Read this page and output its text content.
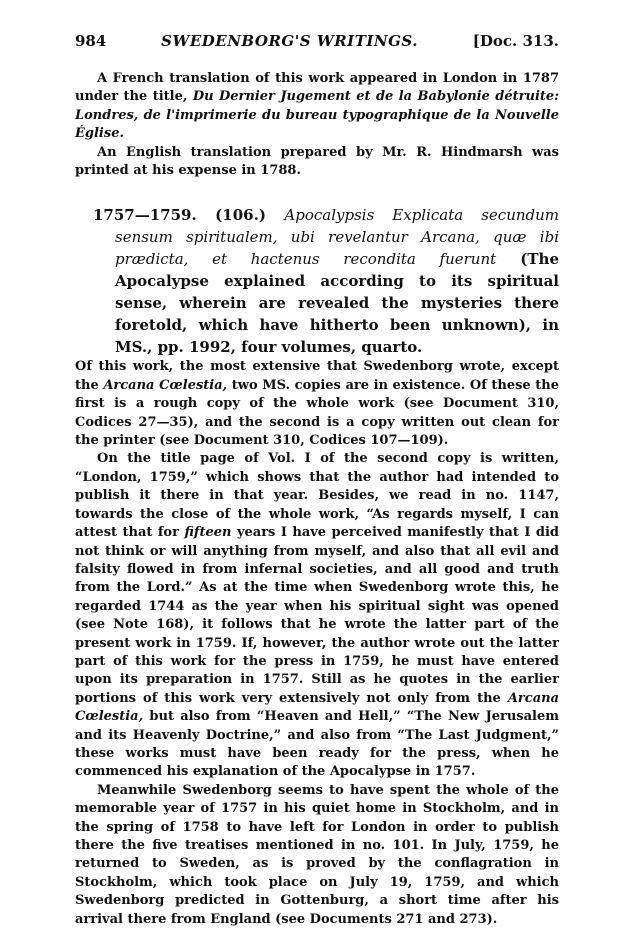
984	SWEDENBORG'S WRITINGS.	[Doc. 313.

A French translation of this work appeared in London in 1787 under the title, Du Dernier Jugement et de la Babylonie détruite: Londres, de l'imprimerie du bureau typographique de la Nouvelle Église.

An English translation prepared by Mr. R. Hindmarsh was printed at his expense in 1788.

1757—1759. (106.) Apocalypsis Explicata secundum sensum spiritualem, ubi revelantur Arcana, quæ ibi prædicta, et hactenus recondita fuerunt (The Apocalypse explained according to its spiritual sense, wherein are revealed the mysteries there foretold, which have hitherto been unknown), in MS., pp. 1992, four volumes, quarto.

Of this work, the most extensive that Swedenborg wrote, except the Arcana Cœlestia, two MS. copies are in existence. Of these the first is a rough copy of the whole work (see Document 310, Codices 27—35), and the second is a copy written out clean for the printer (see Document 310, Codices 107—109).

On the title page of Vol. I of the second copy is written, “London, 1759,” which shows that the author had intended to publish it there in that year. Besides, we read in no. 1147, towards the close of the whole work, “As regards myself, I can attest that for fifteen years I have perceived manifestly that I did not think or will anything from myself, and also that all evil and falsity flowed in from infernal societies, and all good and truth from the Lord.” As at the time when Swedenborg wrote this, he regarded 1744 as the year when his spiritual sight was opened (see Note 168), it follows that he wrote the latter part of the present work in 1759. If, however, the author wrote out the latter part of this work for the press in 1759, he must have entered upon its preparation in 1757. Still as he quotes in the earlier portions of this work very extensively not only from the Arcana Cœlestia, but also from “Heaven and Hell,” “The New Jerusalem and its Heavenly Doctrine,” and also from “The Last Judgment,” these works must have been ready for the press, when he commenced his explanation of the Apocalypse in 1757.

Meanwhile Swedenborg seems to have spent the whole of the memorable year of 1757 in his quiet home in Stockholm, and in the spring of 1758 to have left for London in order to publish there the five treatises mentioned in no. 101. In July, 1759, he returned to Sweden, as is proved by the conflagration in Stockholm, which took place on July 19, 1759, and which Swedenborg predicted in Gottenburg, a short time after his arrival there from England (see Documents 271 and 273).
